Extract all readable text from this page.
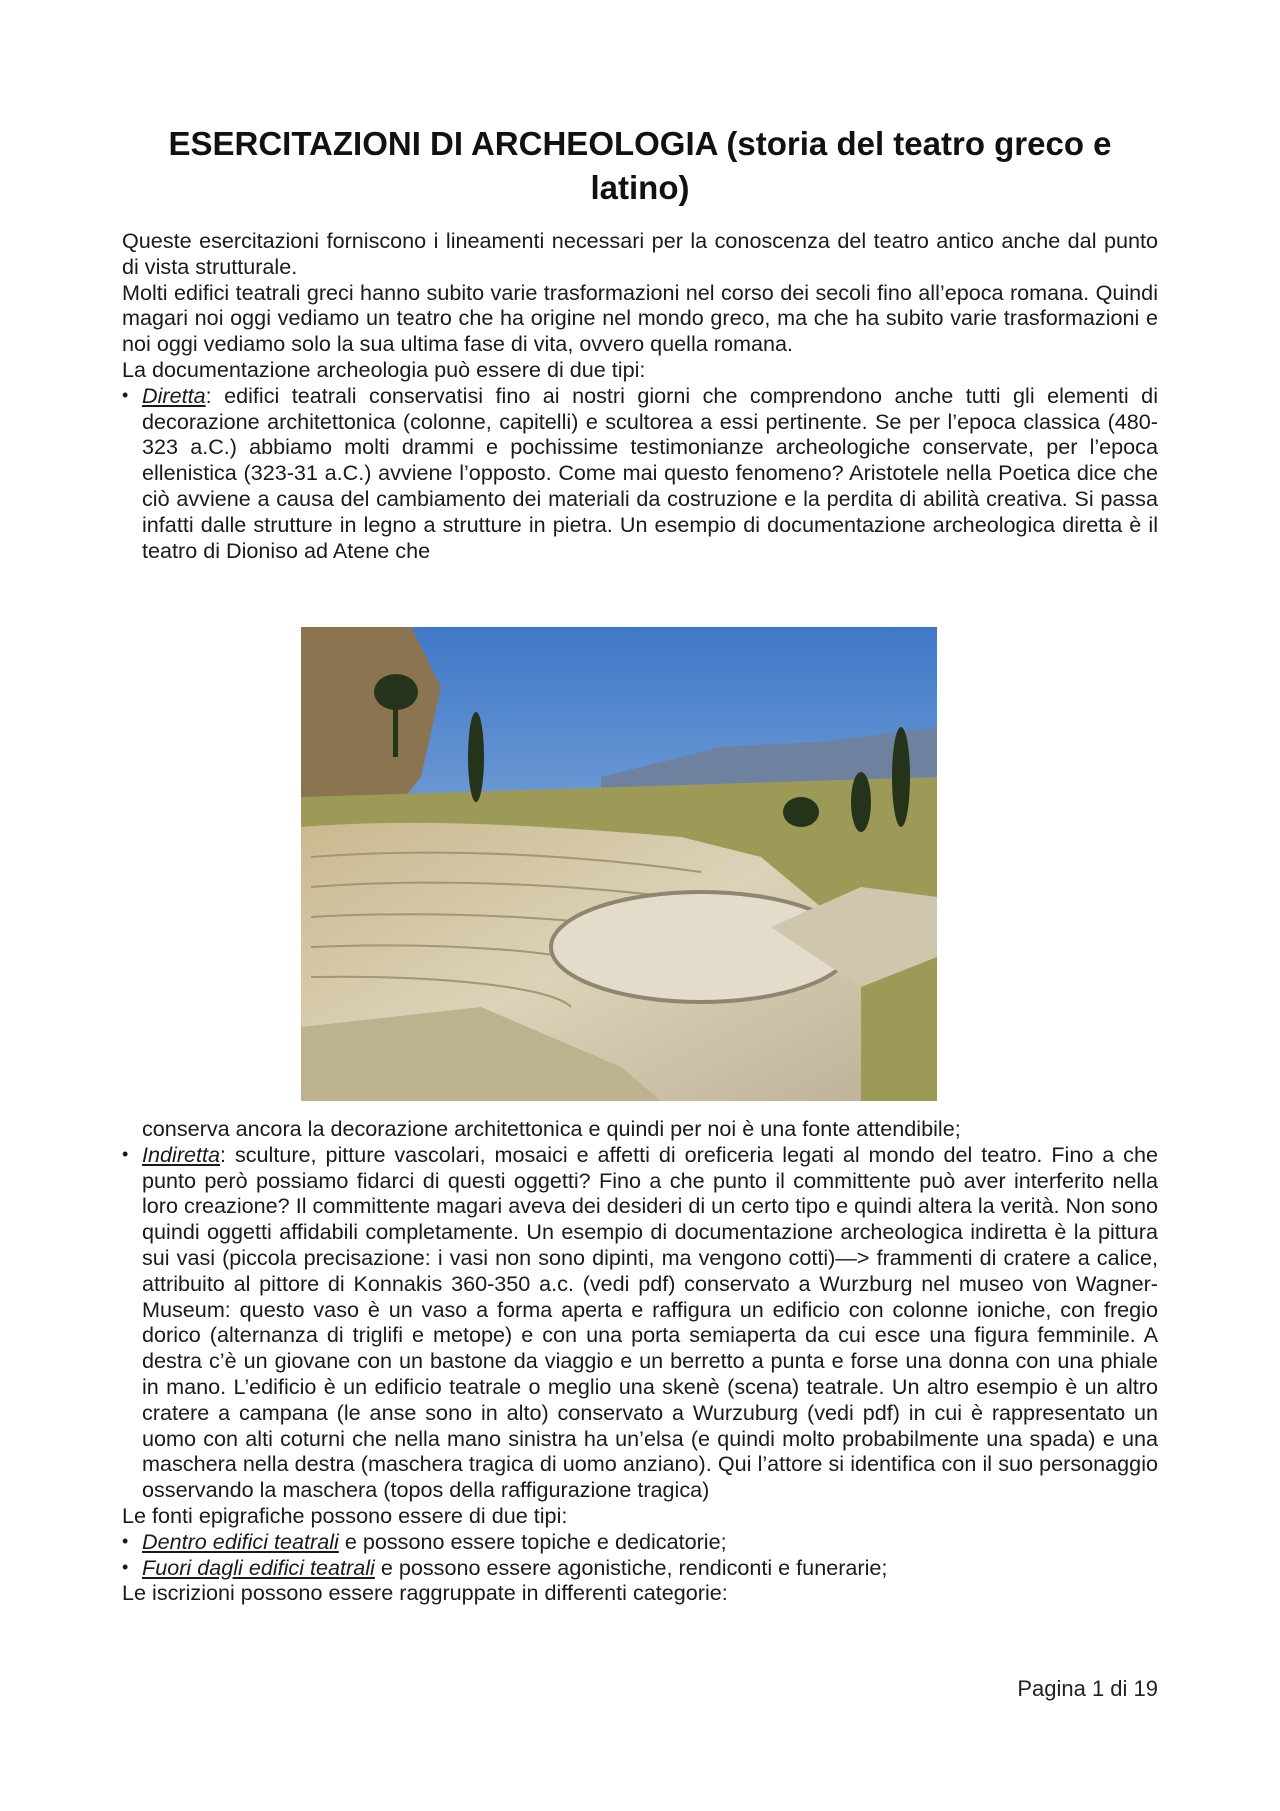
ESERCITAZIONI DI ARCHEOLOGIA (storia del teatro greco e latino)

Queste esercitazioni forniscono i lineamenti necessari per la conoscenza del teatro antico anche dal punto di vista strutturale.

Molti edifici teatrali greci hanno subito varie trasformazioni nel corso dei secoli fino all’epoca romana. Quindi magari noi oggi vediamo un teatro che ha origine nel mondo greco, ma che ha subito varie trasformazioni e noi oggi vediamo solo la sua ultima fase di vita, ovvero quella romana.

La documentazione archeologia può essere di due tipi:

• Diretta: edifici teatrali conservatisi fino ai nostri giorni che comprendono anche tutti gli elementi di decorazione architettonica (colonne, capitelli) e scultorea a essi pertinente. Se per l’epoca classica (480-323 a.C.) abbiamo molti drammi e pochissime testimonianze archeologiche conservate, per l’epoca ellenistica (323-31 a.C.) avviene l’opposto. Come mai questo fenomeno? Aristotele nella Poetica dice che ciò avviene a causa del cambiamento dei materiali da costruzione e la perdita di abilità creativa. Si passa infatti dalle strutture in legno a strutture in pietra. Un esempio di documentazione archeologica diretta è il teatro di Dioniso ad Atene che

conserva ancora la decorazione architettonica e quindi per noi è una fonte attendibile;

• Indiretta: sculture, pitture vascolari, mosaici e affetti di oreficeria legati al mondo del teatro. Fino a che punto però possiamo fidarci di questi oggetti? Fino a che punto il committente può aver interferito nella loro creazione? Il committente magari aveva dei desideri di un certo tipo e quindi altera la verità. Non sono quindi oggetti affidabili completamente. Un esempio di documentazione archeologica indiretta è la pittura sui vasi (piccola precisazione: i vasi non sono dipinti, ma vengono cotti)—> frammenti di cratere a calice, attribuito al pittore di Konnakis 360-350 a.c. (vedi pdf) conservato a Wurzburg nel museo von Wagner-Museum: questo vaso è un vaso a forma aperta e raffigura un edificio con colonne ioniche, con fregio dorico (alternanza di triglifi e metope) e con una porta semiaperta da cui esce una figura femminile. A destra c’è un giovane con un bastone da viaggio e un berretto a punta e forse una donna con una phiale in mano. L’edificio è un edificio teatrale o meglio una skenè (scena) teatrale. Un altro esempio è un altro cratere a campana (le anse sono in alto) conservato a Wurzuburg (vedi pdf) in cui è rappresentato un uomo con alti coturni che nella mano sinistra ha un’elsa (e quindi molto probabilmente una spada) e una maschera nella destra (maschera tragica di uomo anziano). Qui l’attore si identifica con il suo personaggio osservando la maschera (topos della raffigurazione tragica)

Le fonti epigrafiche possono essere di due tipi:

• Dentro edifici teatrali e possono essere topiche e dedicatorie;
• Fuori dagli edifici teatrali e possono essere agonistiche, rendiconti e funerarie;

Le iscrizioni possono essere raggruppate in differenti categorie:

Pagina 1 di 19
